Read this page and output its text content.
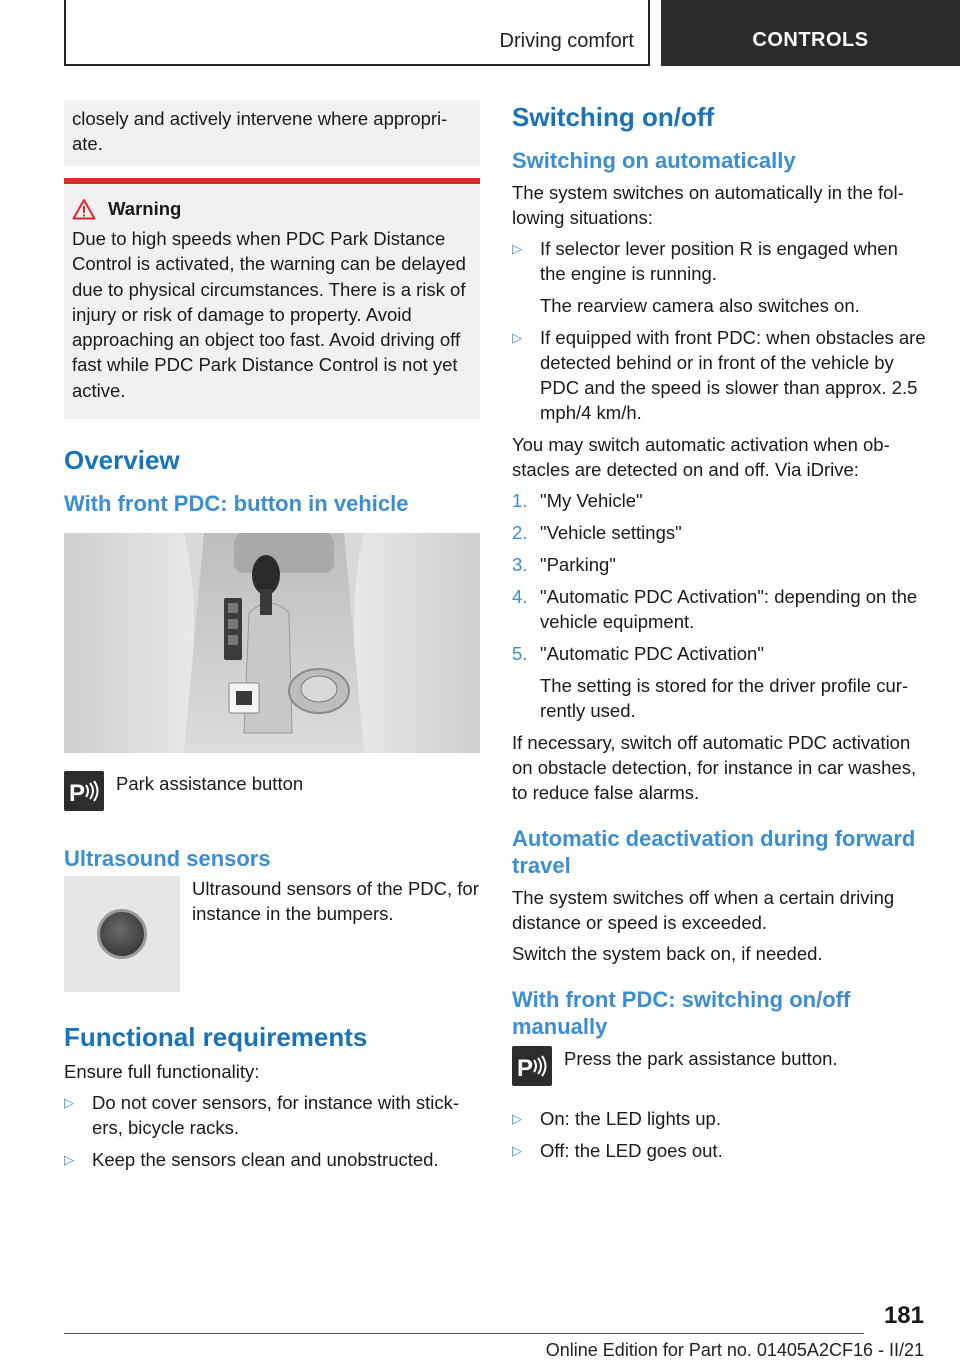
Driving comfort	CONTROLS

closely and actively intervene where appropriate.

Warning

Due to high speeds when PDC Park Distance Control is activated, the warning can be delayed due to physical circumstances. There is a risk of injury or risk of damage to property. Avoid approaching an object too fast. Avoid driving off fast while PDC Park Distance Control is not yet active.

Overview
With front PDC: button in vehicle
P Park assistance button
Ultrasound sensors

Ultrasound sensors of the PDC, for instance in the bumpers.

Functional requirements

Ensure full functionality:

▷ Do not cover sensors, for instance with stickers, bicycle racks.
▷ Keep the sensors clean and unobstructed.
Switching on/off
Switching on automatically

The system switches on automatically in the following situations:

▷ If selector lever position R is engaged when the engine is running.
The rearview camera also switches on.
▷ If equipped with front PDC: when obstacles are detected behind or in front of the vehicle by PDC and the speed is slower than approx. 2.5 mph/4 km/h.

You may switch automatic activation when obstacles are detected on and off. Via iDrive:

1. "My Vehicle"
2. "Vehicle settings"
3. "Parking"
4. "Automatic PDC Activation": depending on the vehicle equipment.
5. "Automatic PDC Activation"
The setting is stored for the driver profile currently used.

If necessary, switch off automatic PDC activation on obstacle detection, for instance in car washes, to reduce false alarms.

Automatic deactivation during forward travel

The system switches off when a certain driving distance or speed is exceeded.

Switch the system back on, if needed.

With front PDC: switching on/off manually
P Press the park assistance button.
▷ On: the LED lights up.
▷ Off: the LED goes out.
181
Online Edition for Part no. 01405A2CF16 - II/21
